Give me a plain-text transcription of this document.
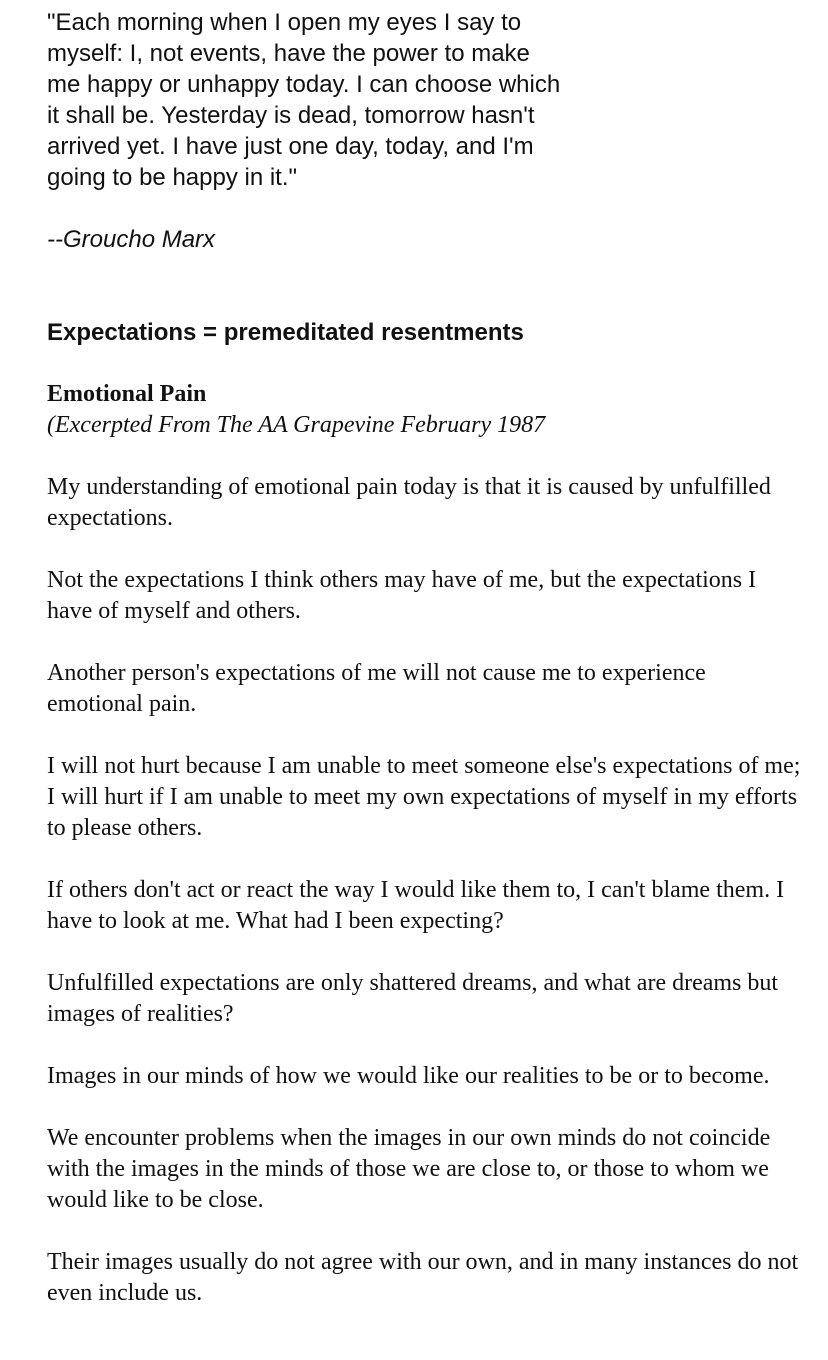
"Each morning when I open my eyes I say to myself: I, not events, have the power to make me happy or unhappy today. I can choose which it shall be. Yesterday is dead, tomorrow hasn't arrived yet. I have just one day, today, and I'm going to be happy in it."

--Groucho Marx

Expectations = premeditated resentments

Emotional Pain

(Excerpted From The AA Grapevine February 1987

My understanding of emotional pain today is that it is caused by unfulfilled expectations.

Not the expectations I think others may have of me, but the expectations I have of myself and others.

Another person's expectations of me will not cause me to experience emotional pain.

I will not hurt because I am unable to meet someone else's expectations of me; I will hurt if I am unable to meet my own expectations of myself in my efforts to please others.

If others don't act or react the way I would like them to, I can't blame them. I have to look at me. What had I been expecting?

Unfulfilled expectations are only shattered dreams, and what are dreams but images of realities?

Images in our minds of how we would like our realities to be or to become.

We encounter problems when the images in our own minds do not coincide with the images in the minds of those we are close to, or those to whom we would like to be close.

Their images usually do not agree with our own, and in many instances do not even include us.
